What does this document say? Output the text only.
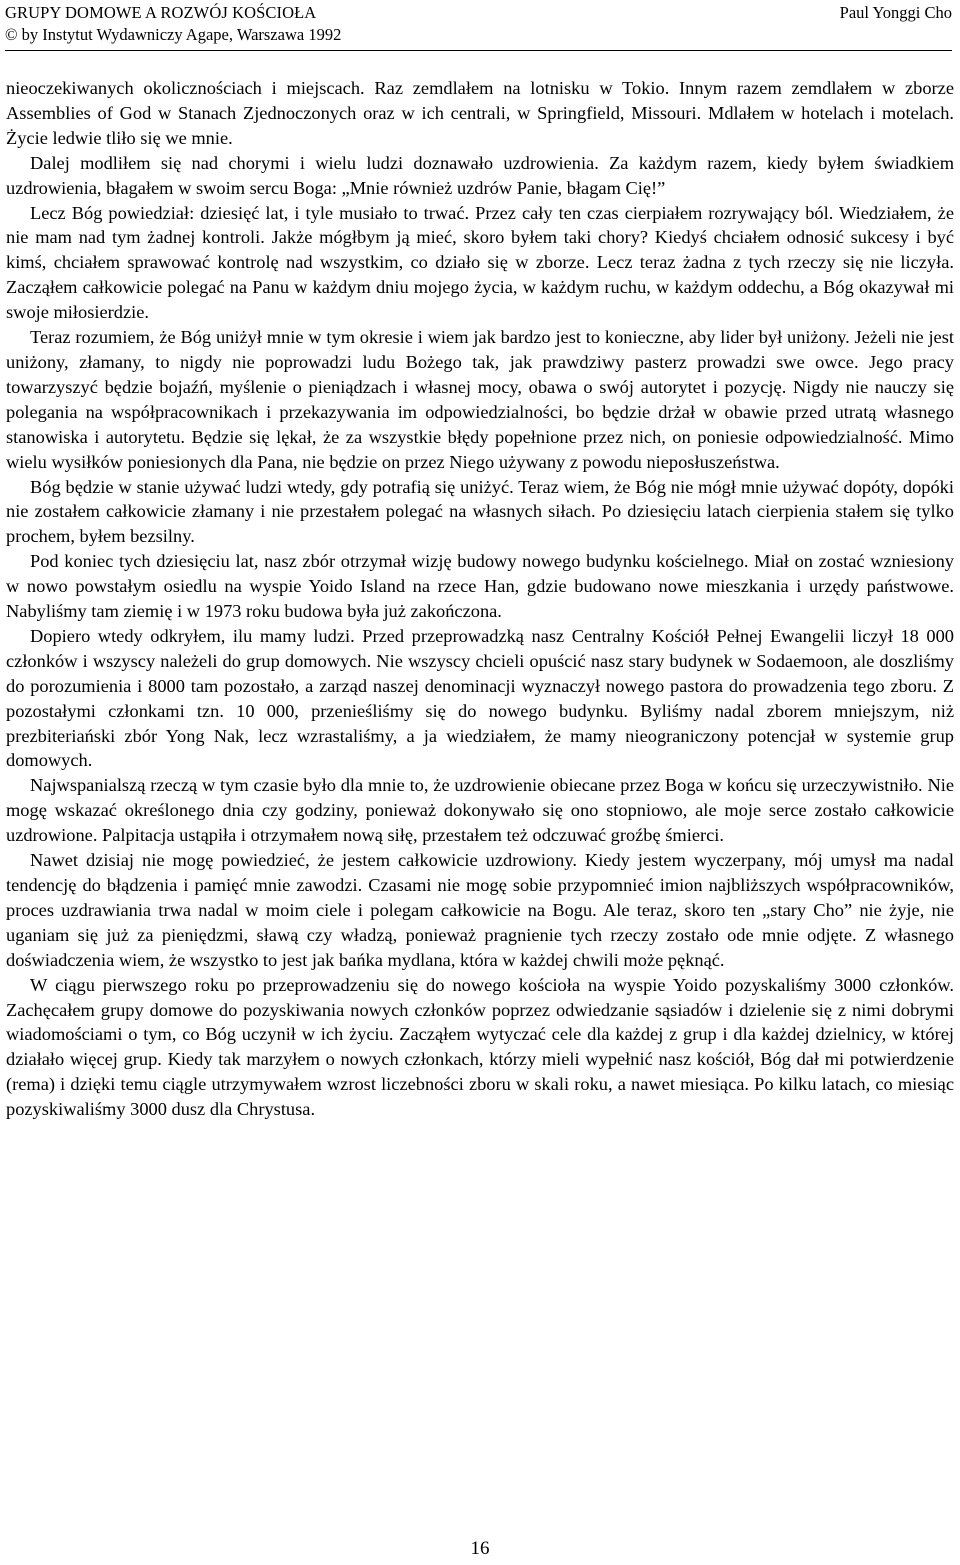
GRUPY DOMOWE A ROZWÓJ KOŚCIOŁA	Paul Yonggi Cho
© by Instytut Wydawniczy Agape, Warszawa 1992

nieoczekiwanych okolicznościach i miejscach. Raz zemdlałem na lotnisku w Tokio. Innym razem zemdlałem w zborze Assemblies of God w Stanach Zjednoczonych oraz w ich centrali, w Springfield, Missouri. Mdlałem w hotelach i motelach. Życie ledwie tliło się we mnie.

Dalej modliłem się nad chorymi i wielu ludzi doznawało uzdrowienia. Za każdym razem, kiedy byłem świadkiem uzdrowienia, błagałem w swoim sercu Boga: „Mnie również uzdrów Panie, błagam Cię!”

Lecz Bóg powiedział: dziesięć lat, i tyle musiało to trwać. Przez cały ten czas cierpiałem rozrywający ból. Wiedziałem, że nie mam nad tym żadnej kontroli. Jakże mógłbym ją mieć, skoro byłem taki chory? Kiedyś chciałem odnosić sukcesy i być kimś, chciałem sprawować kontrolę nad wszystkim, co działo się w zborze. Lecz teraz żadna z tych rzeczy się nie liczyła. Zacząłem całkowicie polegać na Panu w każdym dniu mojego życia, w każdym ruchu, w każdym oddechu, a Bóg okazywał mi swoje miłosierdzie.

Teraz rozumiem, że Bóg uniżył mnie w tym okresie i wiem jak bardzo jest to konieczne, aby lider był uniżony. Jeżeli nie jest uniżony, złamany, to nigdy nie poprowadzi ludu Bożego tak, jak prawdziwy pasterz prowadzi swe owce. Jego pracy towarzyszyć będzie bojaźń, myślenie o pieniądzach i własnej mocy, obawa o swój autorytet i pozycję. Nigdy nie nauczy się polegania na współpracownikach i przekazywania im odpowiedzialności, bo będzie drżał w obawie przed utratą własnego stanowiska i autorytetu. Będzie się lękał, że za wszystkie błędy popełnione przez nich, on poniesie odpowiedzialność. Mimo wielu wysiłków poniesionych dla Pana, nie będzie on przez Niego używany z powodu nieposłuszeństwa.

Bóg będzie w stanie używać ludzi wtedy, gdy potrafią się uniżyć. Teraz wiem, że Bóg nie mógł mnie używać dopóty, dopóki nie zostałem całkowicie złamany i nie przestałem polegać na własnych siłach. Po dziesięciu latach cierpienia stałem się tylko prochem, byłem bezsilny.

Pod koniec tych dziesięciu lat, nasz zbór otrzymał wizję budowy nowego budynku kościelnego. Miał on zostać wzniesiony w nowo powstałym osiedlu na wyspie Yoido Island na rzece Han, gdzie budowano nowe mieszkania i urzędy państwowe. Nabyliśmy tam ziemię i w 1973 roku budowa była już zakończona.

Dopiero wtedy odkryłem, ilu mamy ludzi. Przed przeprowadzką nasz Centralny Kościół Pełnej Ewangelii liczył 18 000 członków i wszyscy należeli do grup domowych. Nie wszyscy chcieli opuścić nasz stary budynek w Sodaemoon, ale doszliśmy do porozumienia i 8000 tam pozostało, a zarząd naszej denominacji wyznaczył nowego pastora do prowadzenia tego zboru. Z pozostałymi członkami tzn. 10 000, przenieśliśmy się do nowego budynku. Byliśmy nadal zborem mniejszym, niż prezbiteriański zbór Yong Nak, lecz wzrastaliśmy, a ja wiedziałem, że mamy nieograniczony potencjał w systemie grup domowych.

Najwspanialszą rzeczą w tym czasie było dla mnie to, że uzdrowienie obiecane przez Boga w końcu się urzeczywistniło. Nie mogę wskazać określonego dnia czy godziny, ponieważ dokonywało się ono stopniowo, ale moje serce zostało całkowicie uzdrowione. Palpitacja ustąpiła i otrzymałem nową siłę, przestałem też odczuwać groźbę śmierci.

Nawet dzisiaj nie mogę powiedzieć, że jestem całkowicie uzdrowiony. Kiedy jestem wyczerpany, mój umysł ma nadal tendencję do błądzenia i pamięć mnie zawodzi. Czasami nie mogę sobie przypomnieć imion najbliższych współpracowników, proces uzdrawiania trwa nadal w moim ciele i polegam całkowicie na Bogu. Ale teraz, skoro ten „stary Cho” nie żyje, nie uganiam się już za pieniędzmi, sławą czy władzą, ponieważ pragnienie tych rzeczy zostało ode mnie odjęte. Z własnego doświadczenia wiem, że wszystko to jest jak bańka mydlana, która w każdej chwili może pęknąć.

W ciągu pierwszego roku po przeprowadzeniu się do nowego kościoła na wyspie Yoido pozyskaliśmy 3000 członków. Zachęcałem grupy domowe do pozyskiwania nowych członków poprzez odwiedzanie sąsiadów i dzielenie się z nimi dobrymi wiadomościami o tym, co Bóg uczynił w ich życiu. Zacząłem wytyczać cele dla każdej z grup i dla każdej dzielnicy, w której działało więcej grup. Kiedy tak marzyłem o nowych członkach, którzy mieli wypełnić nasz kościół, Bóg dał mi potwierdzenie (rema) i dzięki temu ciągle utrzymywałem wzrost liczebności zboru w skali roku, a nawet miesiąca. Po kilku latach, co miesiąc pozyskiwaliśmy 3000 dusz dla Chrystusa.

16
